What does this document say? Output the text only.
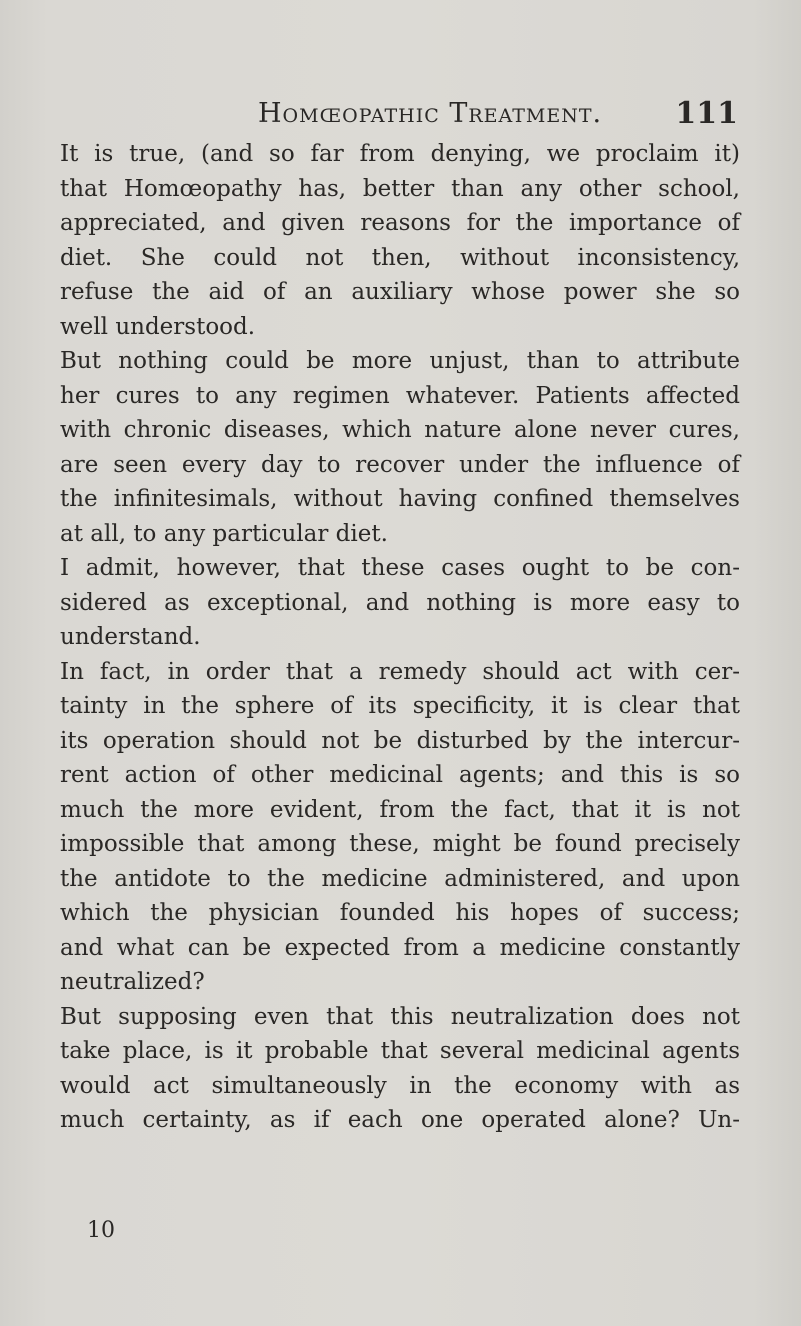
Homœopathic Treatment. 111
It is true, (and so far from denying, we proclaim it)
that Homœopathy has, better than any other school,
appreciated, and given reasons for the importance of
diet. She could not then, without inconsistency,
refuse the aid of an auxiliary whose power she so
well understood.
But nothing could be more unjust, than to attribute
her cures to any regimen whatever. Patients affected
with chronic diseases, which nature alone never cures,
are seen every day to recover under the influence of
the infinitesimals, without having confined themselves
at all, to any particular diet.
I admit, however, that these cases ought to be con-
sidered as exceptional, and nothing is more easy to
understand.
In fact, in order that a remedy should act with cer-
tainty in the sphere of its specificity, it is clear that
its operation should not be disturbed by the intercur-
rent action of other medicinal agents; and this is so
much the more evident, from the fact, that it is not
impossible that among these, might be found precisely
the antidote to the medicine administered, and upon
which the physician founded his hopes of success;
and what can be expected from a medicine constantly
neutralized?
But supposing even that this neutralization does not
take place, is it probable that several medicinal agents
would act simultaneously in the economy with as
much certainty, as if each one operated alone? Un-
10
